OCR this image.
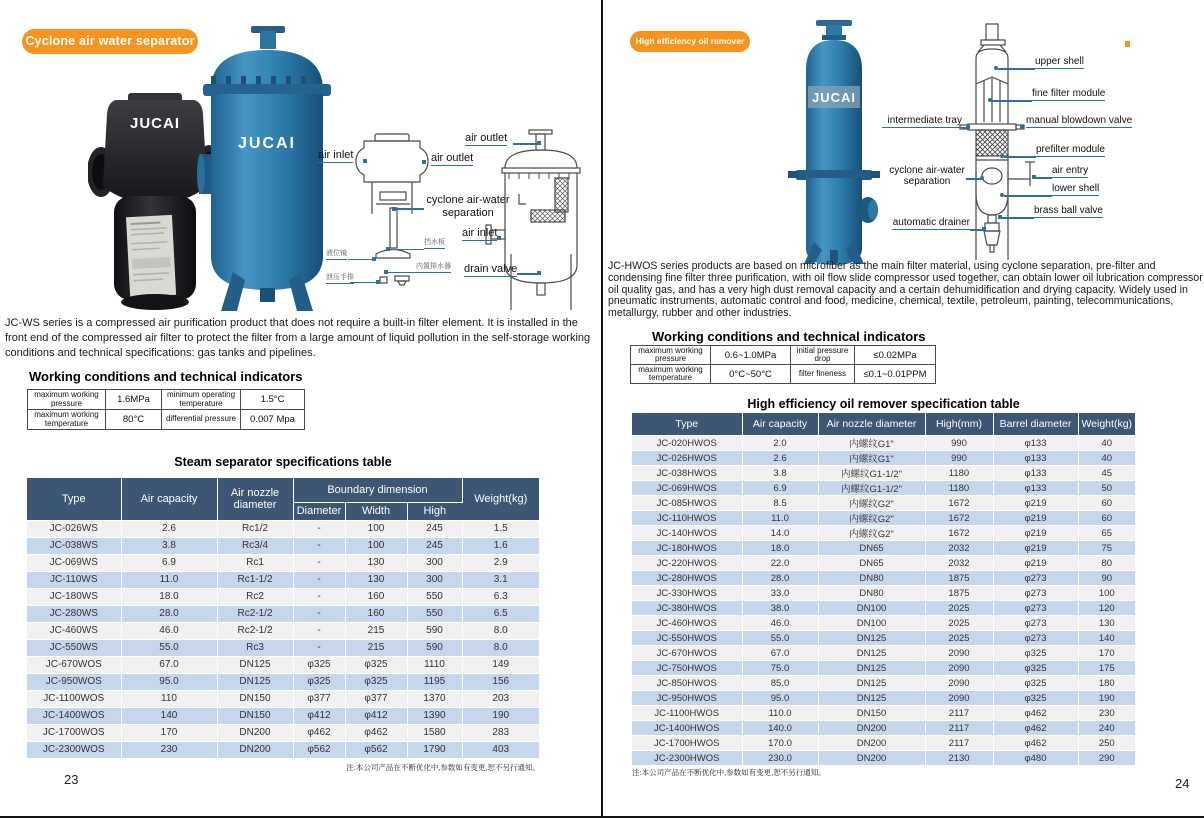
Cyclone air water separator
JUCAI
JUCAI
air inlet	air outlet
cyclone air-water separation
挡水板
液位镜
内置排水器
泄压手排
air outlet
air inlet
drain valve
JC-WS series is a compressed air purification product that does not require a built-in filter element. It is installed in the front end of the compressed air filter to protect the filter from a large amount of liquid pollution in the self-storage working conditions and technical specifications: gas tanks and pipelines.
Working conditions and technical indicators
maximum working pressure	1.6MPa	minimum operating temperature	1.5°C
maximum working temperature	80°C	differential pressure	0.007 Mpa
Steam separator specifications table
Type	Air capacity	Air nozzle diameter	Boundary dimension			Weight(kg)
			Diameter	Width	High	
JC-026WS	2.6	Rc1/2	-	100	245	1.5
JC-038WS	3.8	Rc3/4	-	100	245	1.6
JC-069WS	6.9	Rc1	-	130	300	2.9
JC-110WS	11.0	Rc1-1/2	-	130	300	3.1
JC-180WS	18.0	Rc2	-	160	550	6.3
JC-280WS	28.0	Rc2-1/2	-	160	550	6.5
JC-460WS	46.0	Rc2-1/2	-	215	590	8.0
JC-550WS	55.0	Rc3	-	215	590	8.0
JC-670WOS	67.0	DN125	φ325	φ325	1110	149
JC-950WOS	95.0	DN125	φ325	φ325	1195	156
JC-1100WOS	110	DN150	φ377	φ377	1370	203
JC-1400WOS	140	DN150	φ412	φ412	1390	190
JC-1700WOS	170	DN200	φ462	φ462	1580	283
JC-2300WOS	230	DN200	φ562	φ562	1790	403
注:本公司产品在不断优化中,参数如有变更,恕不另行通知。
23
High efficiency oil remover
JUCAI
upper shell
fine filter module
intermediate tray	manual blowdown valve
prefilter module
cyclone air-water separation
air entry
lower shell
brass ball valve
automatic drainer
JC-HWOS series products are based on microfiber as the main filter material, using cyclone separation, pre-filter and condensing fine filter three purification, with oil flow slide compressor used together, can obtain lower oil lubrication compressor oil quality gas, and has a very high dust removal capacity and a certain dehumidification and drying capacity. Widely used in pneumatic instruments, automatic control and food, medicine, chemical, textile, petroleum, painting, telecommunications, metallurgy, rubber and other industries.
Working conditions and technical indicators
maximum working pressure	0.6~1.0MPa	initial pressure drop	≤0.02MPa
maximum working temperature	0°C~50°C	filter fineness	≤0.1~0.01PPM
High efficiency oil remover specification table
Type	Air capacity	Air nozzle diameter	High(mm)	Barrel diameter	Weight(kg)
JC-020HWOS	2.0	内螺纹G1"	990	φ133	40
JC-026HWOS	2.6	内螺纹G1"	990	φ133	40
JC-038HWOS	3.8	内螺纹G1-1/2"	1180	φ133	45
JC-069HWOS	6.9	内螺纹G1-1/2"	1180	φ133	50
JC-085HWOS	8.5	内螺纹G2"	1672	φ219	60
JC-110HWOS	11.0	内螺纹G2"	1672	φ219	60
JC-140HWOS	14.0	内螺纹G2"	1672	φ219	65
JC-180HWOS	18.0	DN65	2032	φ219	75
JC-220HWOS	22.0	DN65	2032	φ219	80
JC-280HWOS	28.0	DN80	1875	φ273	90
JC-330HWOS	33.0	DN80	1875	φ273	100
JC-380HWOS	38.0	DN100	2025	φ273	120
JC-460HWOS	46.0	DN100	2025	φ273	130
JC-550HWOS	55.0	DN125	2025	φ273	140
JC-670HWOS	67.0	DN125	2090	φ325	170
JC-750HWOS	75.0	DN125	2090	φ325	175
JC-850HWOS	85.0	DN125	2090	φ325	180
JC-950HWOS	95.0	DN125	2090	φ325	190
JC-1100HWOS	110.0	DN150	2117	φ462	230
JC-1400HWOS	140.0	DN200	2117	φ462	240
JC-1700HWOS	170.0	DN200	2117	φ462	250
JC-2300HWOS	230.0	DN200	2130	φ480	290
注:本公司产品在不断优化中,参数如有变更,恕不另行通知。
24
